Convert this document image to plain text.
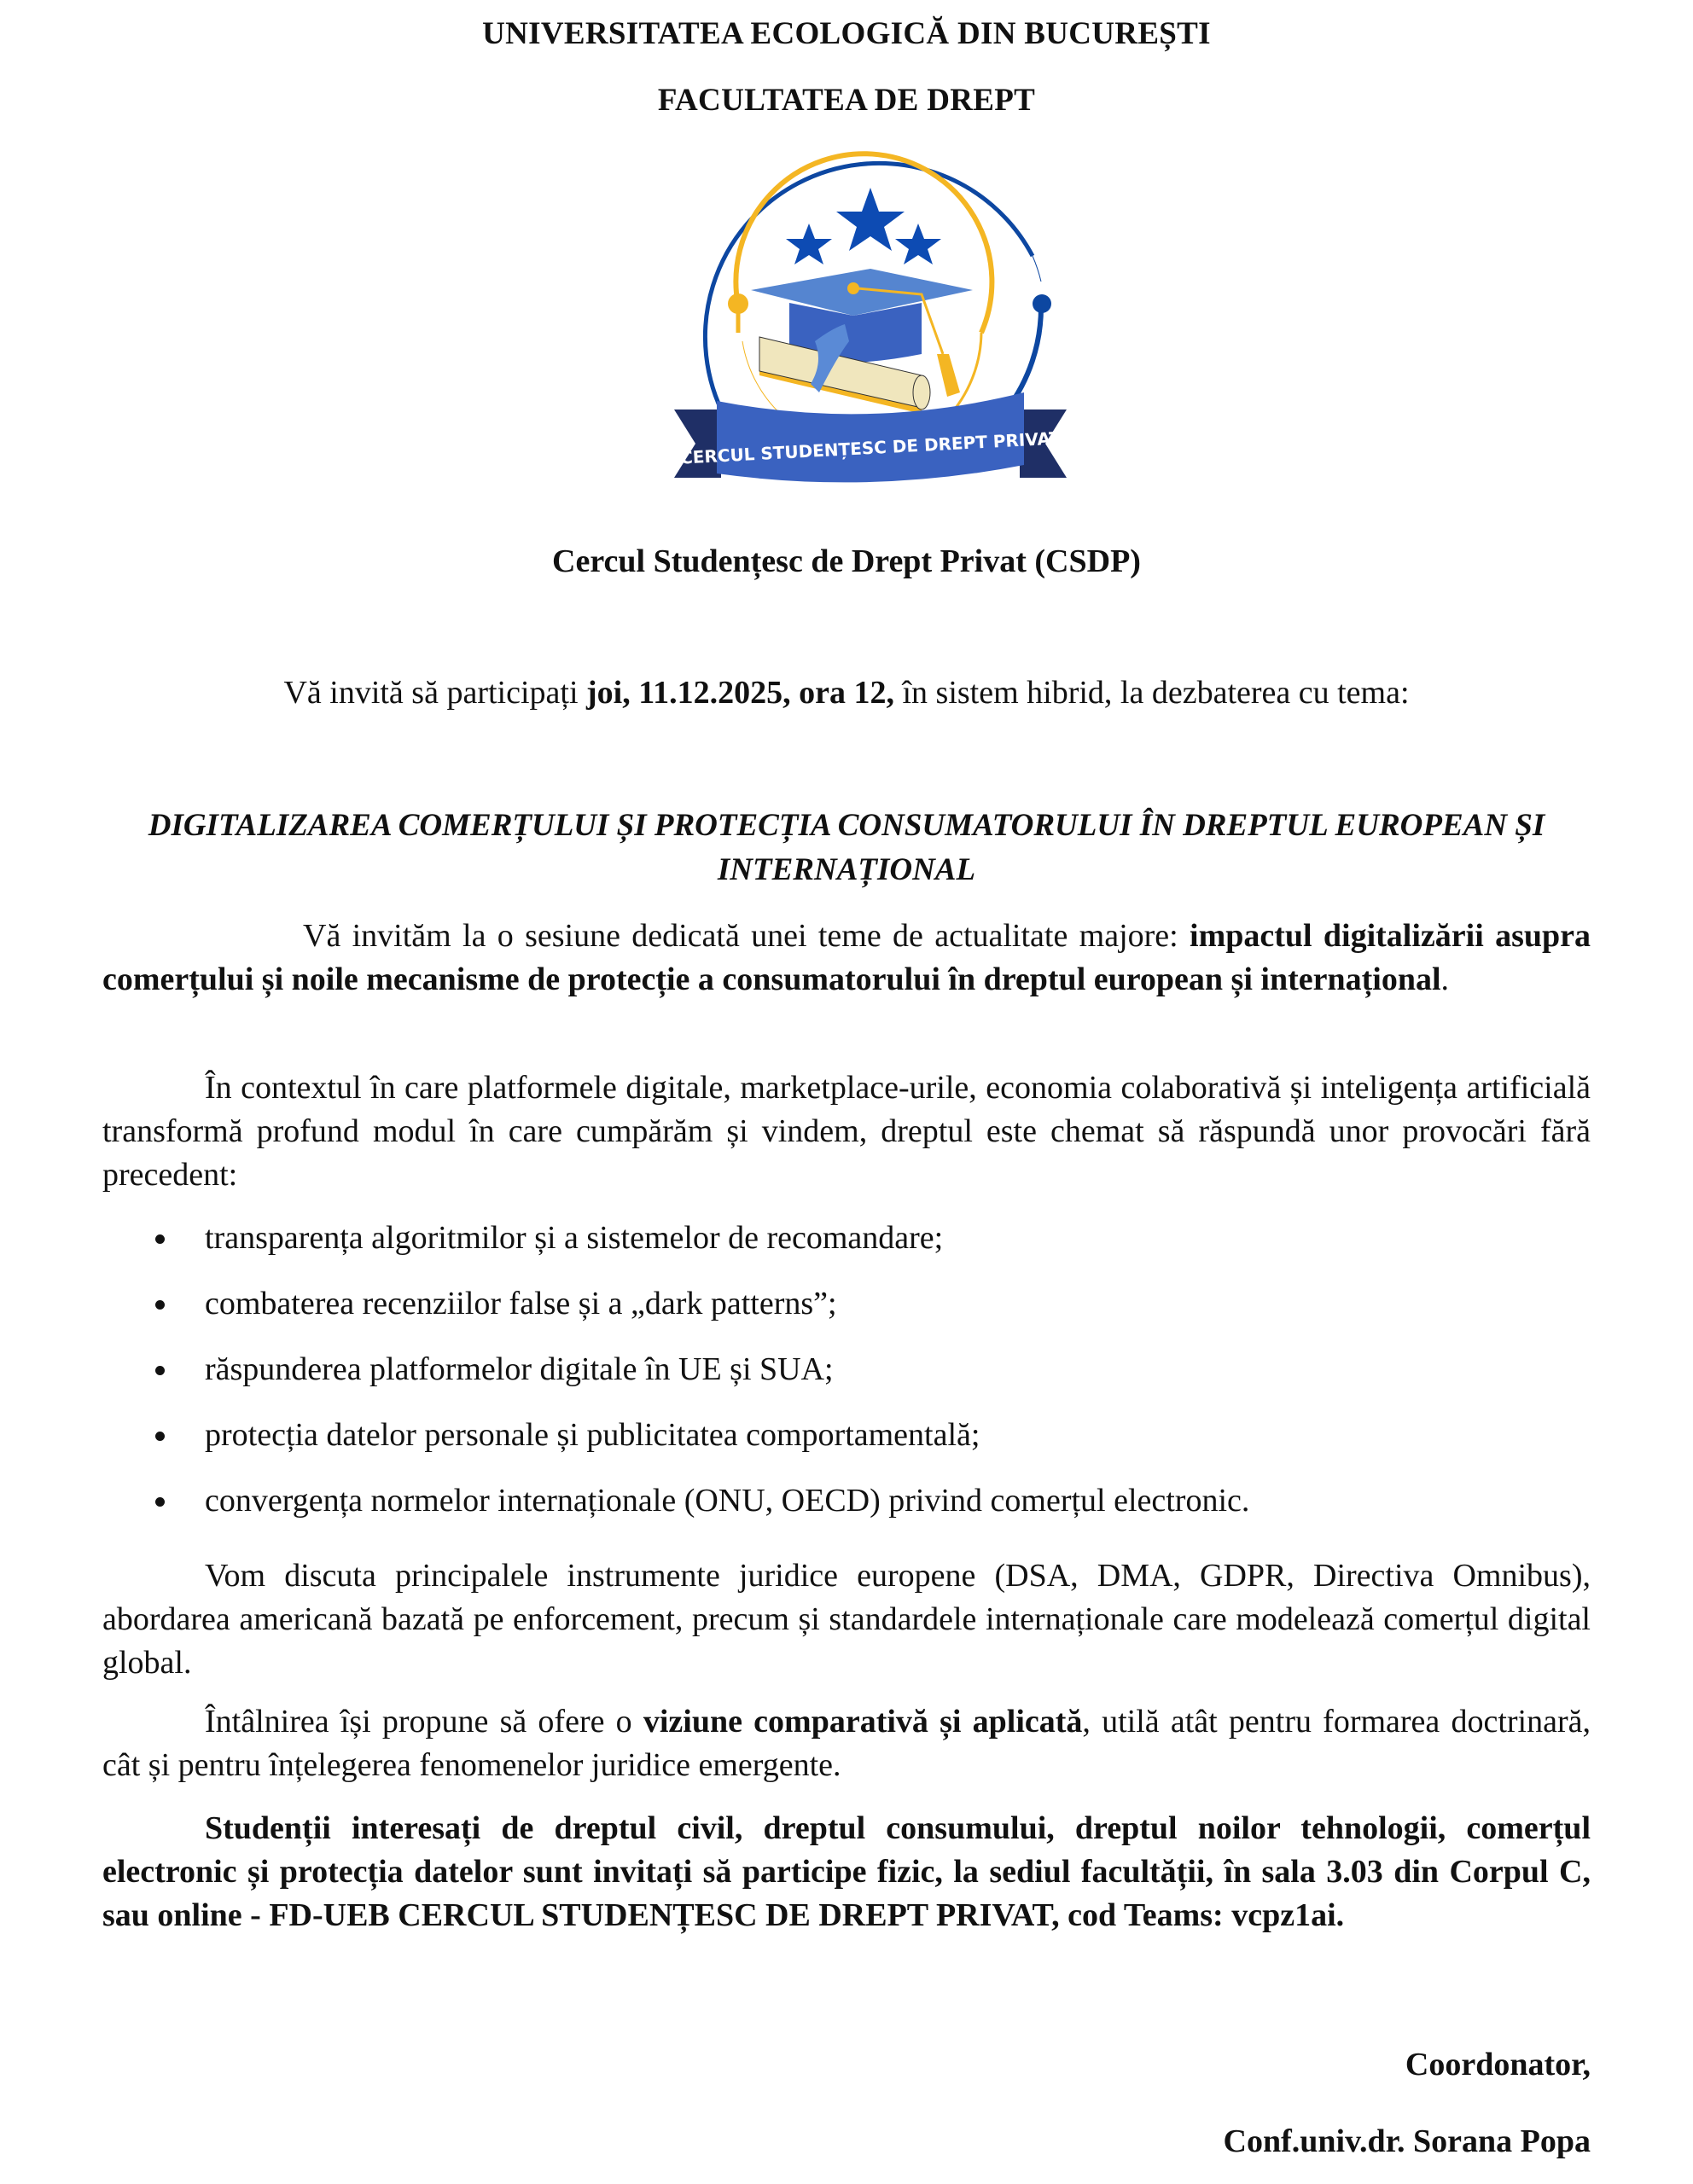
UNIVERSITATEA ECOLOGICĂ DIN BUCUREȘTI
FACULTATEA DE DREPT
CERCUL STUDENȚESC DE DREPT PRIVAT
Cercul Studențesc de Drept Privat (CSDP)
Vă invită să participați joi, 11.12.2025, ora 12, în sistem hibrid, la dezbaterea cu tema:
DIGITALIZAREA COMERȚULUI ȘI PROTECȚIA CONSUMATORULUI ÎN DREPTUL EUROPEAN ȘI INTERNAȚIONAL

Vă invităm la o sesiune dedicată unei teme de actualitate majore: impactul digitalizării asupra comerțului și noile mecanisme de protecție a consumatorului în dreptul european și internațional.

În contextul în care platformele digitale, marketplace-urile, economia colaborativă și inteligența artificială transformă profund modul în care cumpărăm și vindem, dreptul este chemat să răspundă unor provocări fără precedent:

transparența algoritmilor și a sistemelor de recomandare;
combaterea recenziilor false și a „dark patterns”;
răspunderea platformelor digitale în UE și SUA;
protecția datelor personale și publicitatea comportamentală;
convergența normelor internaționale (ONU, OECD) privind comerțul electronic.

Vom discuta principalele instrumente juridice europene (DSA, DMA, GDPR, Directiva Omnibus), abordarea americană bazată pe enforcement, precum și standardele internaționale care modelează comerțul digital global.

Întâlnirea își propune să ofere o viziune comparativă și aplicată, utilă atât pentru formarea doctrinară, cât și pentru înțelegerea fenomenelor juridice emergente.

Studenții interesați de dreptul civil, dreptul consumului, dreptul noilor tehnologii, comerțul electronic și protecția datelor sunt invitați să participe fizic, la sediul facultății, în sala 3.03 din Corpul C, sau online - FD-UEB CERCUL STUDENȚESC DE DREPT PRIVAT, cod Teams: vcpz1ai.

Coordonator,
Conf.univ.dr. Sorana Popa
